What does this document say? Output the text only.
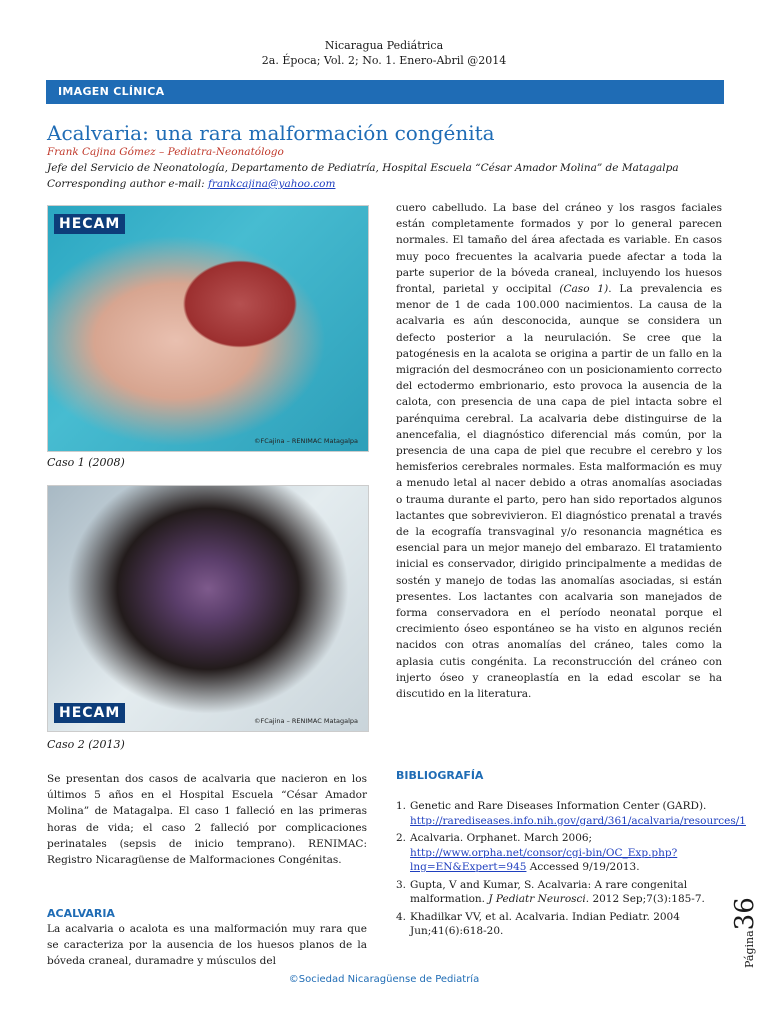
Nicaragua Pediátrica
2a. Época; Vol. 2; No. 1. Enero-Abril @2014
IMAGEN CLÍNICA
Acalvaria: una rara malformación congénita
Frank Cajina Gómez – Pediatra-Neonatólogo
Jefe del Servicio de Neonatología, Departamento de Pediatría, Hospital Escuela “César Amador Molina” de Matagalpa
Corresponding author e-mail: frankcajina@yahoo.com
HECAM
©FCajina – RENIMAC Matagalpa
Caso 1 (2008)
HECAM	©FCajina – RENIMAC Matagalpa
Caso 2 (2013)

Se presentan dos casos de acalvaria que nacieron en los últimos 5 años en el Hospital Escuela “César Amador Molina” de Matagalpa. El caso 1 falleció en las primeras horas de vida; el caso 2 falleció por complicaciones perinatales (sepsis de inicio temprano). RENIMAC: Registro Nicaragüense de Malformaciones Congénitas.

ACALVARIA

La acalvaria o acalota es una malformación muy rara que se caracteriza por la ausencia de los huesos planos de la bóveda craneal, duramadre y músculos del

cuero cabelludo. La base del cráneo y los rasgos faciales están completamente formados y por lo general parecen normales. El tamaño del área afectada es variable. En casos muy poco frecuentes la acalvaria puede afectar a toda la parte superior de la bóveda craneal, incluyendo los huesos frontal, parietal y occipital (Caso 1). La prevalencia es menor de 1 de cada 100.000 nacimientos. La causa de la acalvaria es aún desconocida, aunque se considera un defecto posterior a la neurulación. Se cree que la patogénesis en la acalota se origina a partir de un fallo en la migración del desmocráneo con un posicionamiento correcto del ectodermo embrionario, esto provoca la ausencia de la calota, con presencia de una capa de piel intacta sobre el parénquima cerebral. La acalvaria debe distinguirse de la anencefalia, el diagnóstico diferencial más común, por la presencia de una capa de piel que recubre el cerebro y los hemisferios cerebrales normales. Esta malformación es muy a menudo letal al nacer debido a otras anomalías asociadas o trauma durante el parto, pero han sido reportados algunos lactantes que sobrevivieron. El diagnóstico prenatal a través de la ecografía transvaginal y/o resonancia magnética es esencial para un mejor manejo del embarazo. El tratamiento inicial es conservador, dirigido principalmente a medidas de sostén y manejo de todas las anomalías asociadas, si están presentes. Los lactantes con acalvaria son manejados de forma conservadora en el período neonatal porque el crecimiento óseo espontáneo se ha visto en algunos recién nacidos con otras anomalías del cráneo, tales como la aplasia cutis congénita. La reconstrucción del cráneo con injerto óseo y craneoplastía en la edad escolar se ha discutido en la literatura.

BIBLIOGRAFÍA
1. Genetic and Rare Diseases Information Center (GARD). http://rarediseases.info.nih.gov/gard/361/acalvaria/resources/1
2. Acalvaria. Orphanet. March 2006; http://www.orpha.net/consor/cgi-bin/OC_Exp.php?lng=EN&Expert=945 Accessed 9/19/2013.
3. Gupta, V and Kumar, S. Acalvaria: A rare congenital malformation. J Pediatr Neurosci. 2012 Sep;7(3):185-7.
4. Khadilkar VV, et al. Acalvaria. Indian Pediatr. 2004 Jun;41(6):618-20.	Página36
©Sociedad Nicaragüense de Pediatría
